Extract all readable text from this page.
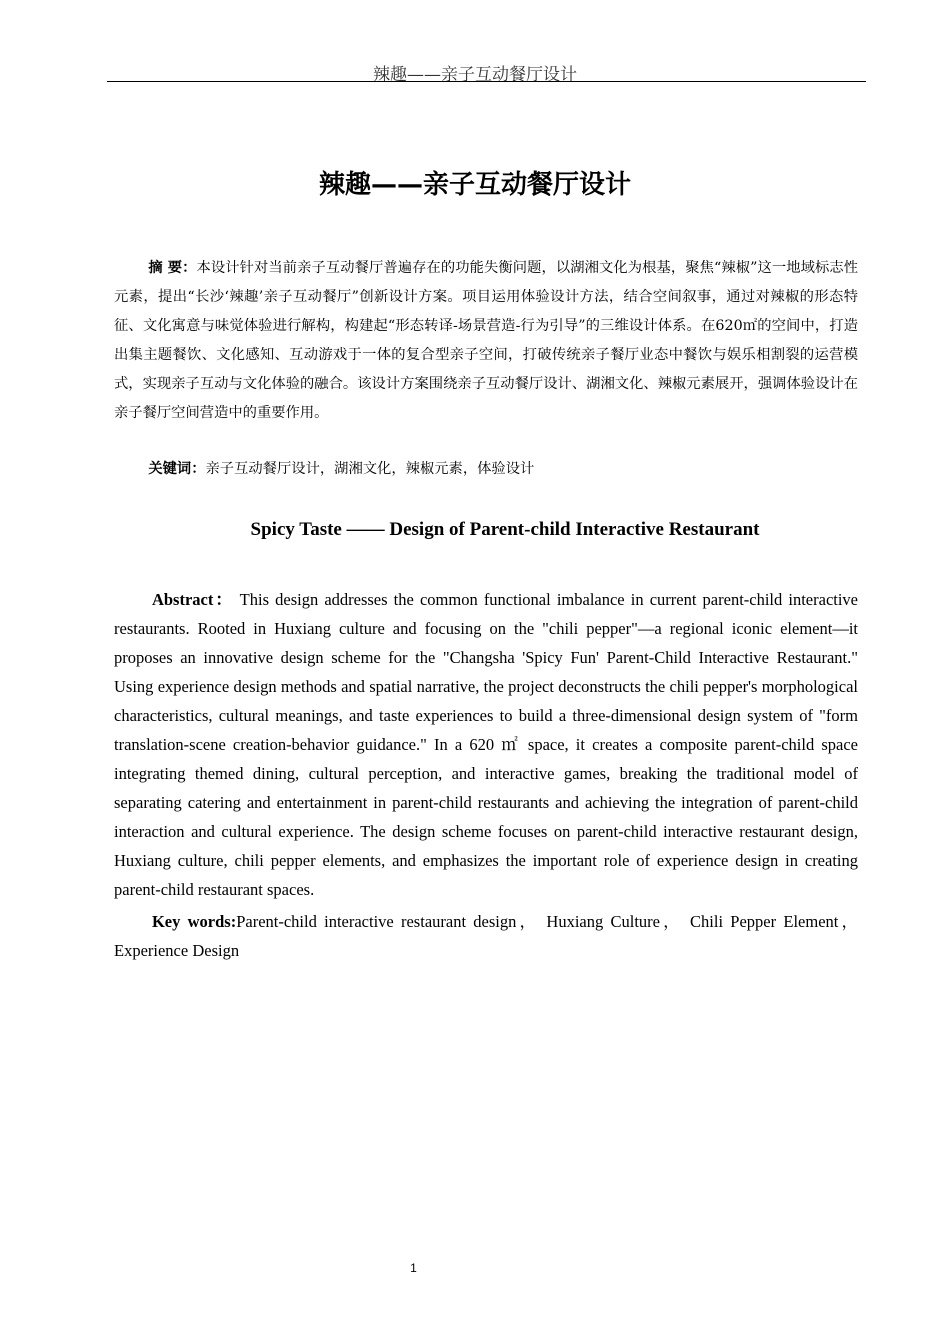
辣趣——亲子互动餐厅设计
辣趣——亲子互动餐厅设计

摘 要：本设计针对当前亲子互动餐厅普遍存在的功能失衡问题，以湖湘文化为根基，聚焦“辣椒”这一地域标志性元素，提出“长沙‘辣趣’亲子互动餐厅”创新设计方案。项目运用体验设计方法，结合空间叙事，通过对辣椒的形态特征、文化寓意与味觉体验进行解构，构建起“形态转译-场景营造-行为引导”的三维设计体系。在620㎡的空间中，打造出集主题餐饮、文化感知、互动游戏于一体的复合型亲子空间，打破传统亲子餐厅业态中餐饮与娱乐相割裂的运营模式，实现亲子互动与文化体验的融合。该设计方案围绕亲子互动餐厅设计、湖湘文化、辣椒元素展开，强调体验设计在亲子餐厅空间营造中的重要作用。

关键词：亲子互动餐厅设计，湖湘文化，辣椒元素，体验设计
Spicy Taste —— Design of Parent-child Interactive Restaurant

Abstract： This design addresses the common functional imbalance in current parent-child interactive restaurants. Rooted in Huxiang culture and focusing on the "chili pepper"—a regional iconic element—it proposes an innovative design scheme for the "Changsha 'Spicy Fun' Parent-Child Interactive Restaurant." Using experience design methods and spatial narrative, the project deconstructs the chili pepper's morphological characteristics, cultural meanings, and taste experiences to build a three-dimensional design system of "form translation-scene creation-behavior guidance." In a 620 ㎡ space, it creates a composite parent-child space integrating themed dining, cultural perception, and interactive games, breaking the traditional model of separating catering and entertainment in parent-child restaurants and achieving the integration of parent-child interaction and cultural experience. The design scheme focuses on parent-child interactive restaurant design, Huxiang culture, chili pepper elements, and emphasizes the important role of experience design in creating parent-child restaurant spaces.

Key words:Parent-child interactive restaurant design， Huxiang Culture， Chili Pepper Element， Experience Design
1
